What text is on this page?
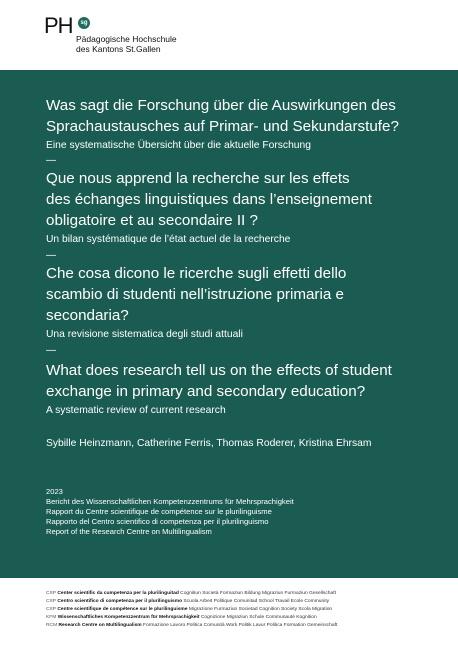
PH	sg
Pädagogische Hochschule
des Kantons St.Gallen

Was sagt die Forschung über die Auswirkungen des
Sprachaustausches auf Primar- und Sekundarstufe?

Eine systematische Übersicht über die aktuelle Forschung

—

Que nous apprend la recherche sur les effets
des échanges linguistiques dans l’enseignement
obligatoire et au secondaire II ?

Un bilan systématique de l’état actuel de la recherche

—

Che cosa dicono le ricerche sugli effetti dello
scambio di studenti nell’istruzione primaria e
secondaria?

Una revisione sistematica degli studi attuali

—

What does research tell us on the effects of student
exchange in primary and secondary education?

A systematic review of current research

Sybille Heinzmann, Catherine Ferris, Thomas Roderer, Kristina Ehrsam
2023
Bericht des Wissenschaftlichen Kompetenzzentrums für Mehrsprachigkeit
Rapport du Centre scientifique de compétence sur le plurilinguisme
Rapporto del Centro scientifico di competenza per il plurilinguismo
Report of the Research Centre on Multilingualism
CSP Center scientific da cumpetenza per la plurilinguitad Cognitiun Società Formaziun Bildung Migraziun Furmaziun Gesellschaft
CSP Centro scientifico di competenza per il plurilinguismo Scuola Arbeit Politique Comunitad School Travail Ecole Community
CSP Centre scientifique de compétence sur le plurilinguisme Migrazione Furmaziun Societad Cognition Society Scola Migration
KFM Wissenschaftliches Kompetenzzentrum für Mehrsprachigkeit Cognizione Migraziun Schule Communauté Kognition
RCM Research Centre on Multilingualism Formazione Lavoro Politica Comunità Work Politik Lavur Politica Formation Gemeinschaft
